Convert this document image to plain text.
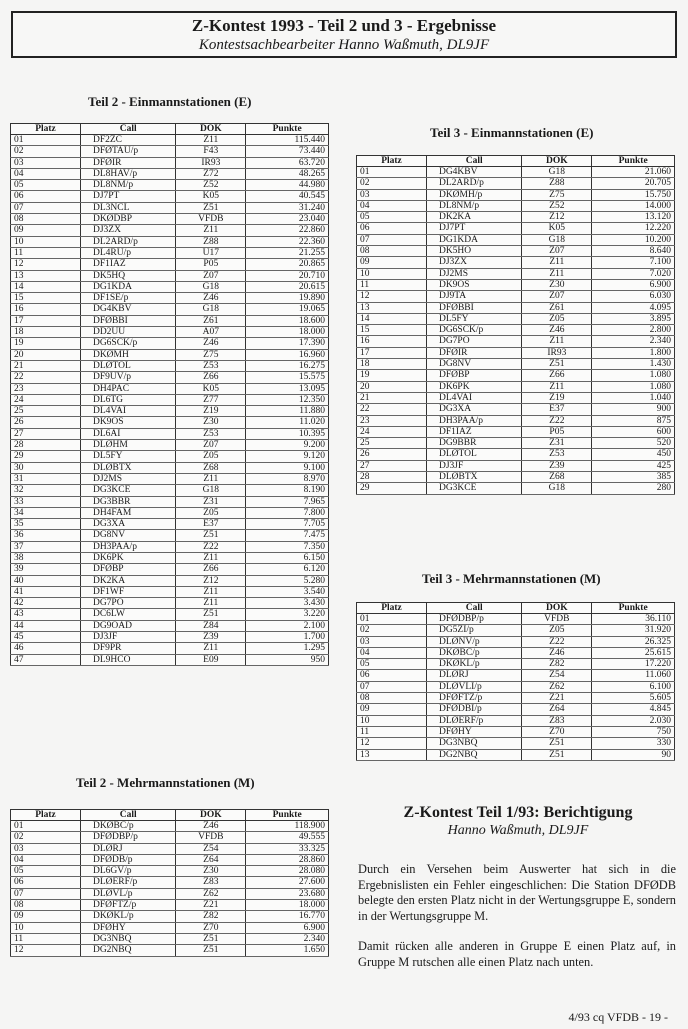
Z-Kontest 1993 - Teil 2 und 3 - Ergebnisse
Kontestsachbearbeiter Hanno Waßmuth, DL9JF
Teil 2 - Einmannstationen (E)
Platz	Call	DOK	Punkte
01	DF2ZC	Z11	115.440
02	DFØTAU/p	F43	73.440
03	DFØIR	IR93	63.720
04	DL8HAV/p	Z72	48.265
05	DL8NM/p	Z52	44.980
06	DJ7PT	K05	40.545
07	DL3NCL	Z51	31.240
08	DKØDBP	VFDB	23.040
09	DJ3ZX	Z11	22.860
10	DL2ARD/p	Z88	22.360
11	DL4RU/p	U17	21.255
12	DF1IAZ	P05	20.865
13	DK5HQ	Z07	20.710
14	DG1KDA	G18	20.615
15	DF1SE/p	Z46	19.890
16	DG4KBV	G18	19.065
17	DFØBBI	Z61	18.600
18	DD2UU	A07	18.000
19	DG6SCK/p	Z46	17.390
20	DKØMH	Z75	16.960
21	DLØTOL	Z53	16.275
22	DF9UV/p	Z66	15.575
23	DH4PAC	K05	13.095
24	DL6TG	Z77	12.350
25	DL4VAI	Z19	11.880
26	DK9OS	Z30	11.020
27	DL6AI	Z53	10.395
28	DLØHM	Z07	9.200
29	DL5FY	Z05	9.120
30	DLØBTX	Z68	9.100
31	DJ2MS	Z11	8.970
32	DG3KCE	G18	8.190
33	DG3BBR	Z31	7.965
34	DH4FAM	Z05	7.800
35	DG3XA	E37	7.705
36	DG8NV	Z51	7.475
37	DH3PAA/p	Z22	7.350
38	DK6PK	Z11	6.150
39	DFØBP	Z66	6.120
40	DK2KA	Z12	5.280
41	DF1WF	Z11	3.540
42	DG7PO	Z11	3.430
43	DC6LW	Z51	3.220
44	DG9OAD	Z84	2.100
45	DJ3JF	Z39	1.700
46	DF9PR	Z11	1.295
47	DL9HCO	E09	950
Teil 2 - Mehrmannstationen (M)
Platz	Call	DOK	Punkte
01	DKØBC/p	Z46	118.900
02	DFØDBP/p	VFDB	49.555
03	DLØRJ	Z54	33.325
04	DFØDB/p	Z64	28.860
05	DL6GV/p	Z30	28.080
06	DLØERF/p	Z83	27.600
07	DLØVL/p	Z62	23.680
08	DFØFTZ/p	Z21	18.000
09	DKØKL/p	Z82	16.770
10	DFØHY	Z70	6.900
11	DG3NBQ	Z51	2.340
12	DG2NBQ	Z51	1.650
Teil 3 - Einmannstationen (E)
Platz	Call	DOK	Punkte
01	DG4KBV	G18	21.060
02	DL2ARD/p	Z88	20.705
03	DKØMH/p	Z75	15.750
04	DL8NM/p	Z52	14.000
05	DK2KA	Z12	13.120
06	DJ7PT	K05	12.220
07	DG1KDA	G18	10.200
08	DK5HO	Z07	8.640
09	DJ3ZX	Z11	7.100
10	DJ2MS	Z11	7.020
11	DK9OS	Z30	6.900
12	DJ9TA	Z07	6.030
13	DFØBBI	Z61	4.095
14	DL5FY	Z05	3.895
15	DG6SCK/p	Z46	2.800
16	DG7PO	Z11	2.340
17	DFØIR	IR93	1.800
18	DG8NV	Z51	1.430
19	DFØBP	Z66	1.080
20	DK6PK	Z11	1.080
21	DL4VAI	Z19	1.040
22	DG3XA	E37	900
23	DH3PAA/p	Z22	875
24	DF1IAZ	P05	600
25	DG9BBR	Z31	520
26	DLØTOL	Z53	450
27	DJ3JF	Z39	425
28	DLØBTX	Z68	385
29	DG3KCE	G18	280
Teil 3 - Mehrmannstationen (M)
Platz	Call	DOK	Punkte
01	DFØDBP/p	VFDB	36.110
02	DG5ZI/p	Z05	31.920
03	DLØNV/p	Z22	26.325
04	DKØBC/p	Z46	25.615
05	DKØKL/p	Z82	17.220
06	DLØRJ	Z54	11.060
07	DLØVLI/p	Z62	6.100
08	DFØFTZ/p	Z21	5.605
09	DFØDBI/p	Z64	4.845
10	DLØERF/p	Z83	2.030
11	DFØHY	Z70	750
12	DG3NBQ	Z51	330
13	DG2NBQ	Z51	90
Z-Kontest Teil 1/93: Berichtigung
Hanno Waßmuth, DL9JF
Durch ein Versehen beim Auswerter hat sich in die Ergebnislisten ein Fehler eingeschlichen: Die Station DFØDB belegte den ersten Platz nicht in der Wertungsgruppe E, sondern in der Wertungsgruppe M.
Damit rücken alle anderen in Gruppe E einen Platz auf, in Gruppe M rutschen alle einen Platz nach unten.
4/93 cq VFDB - 19 -
